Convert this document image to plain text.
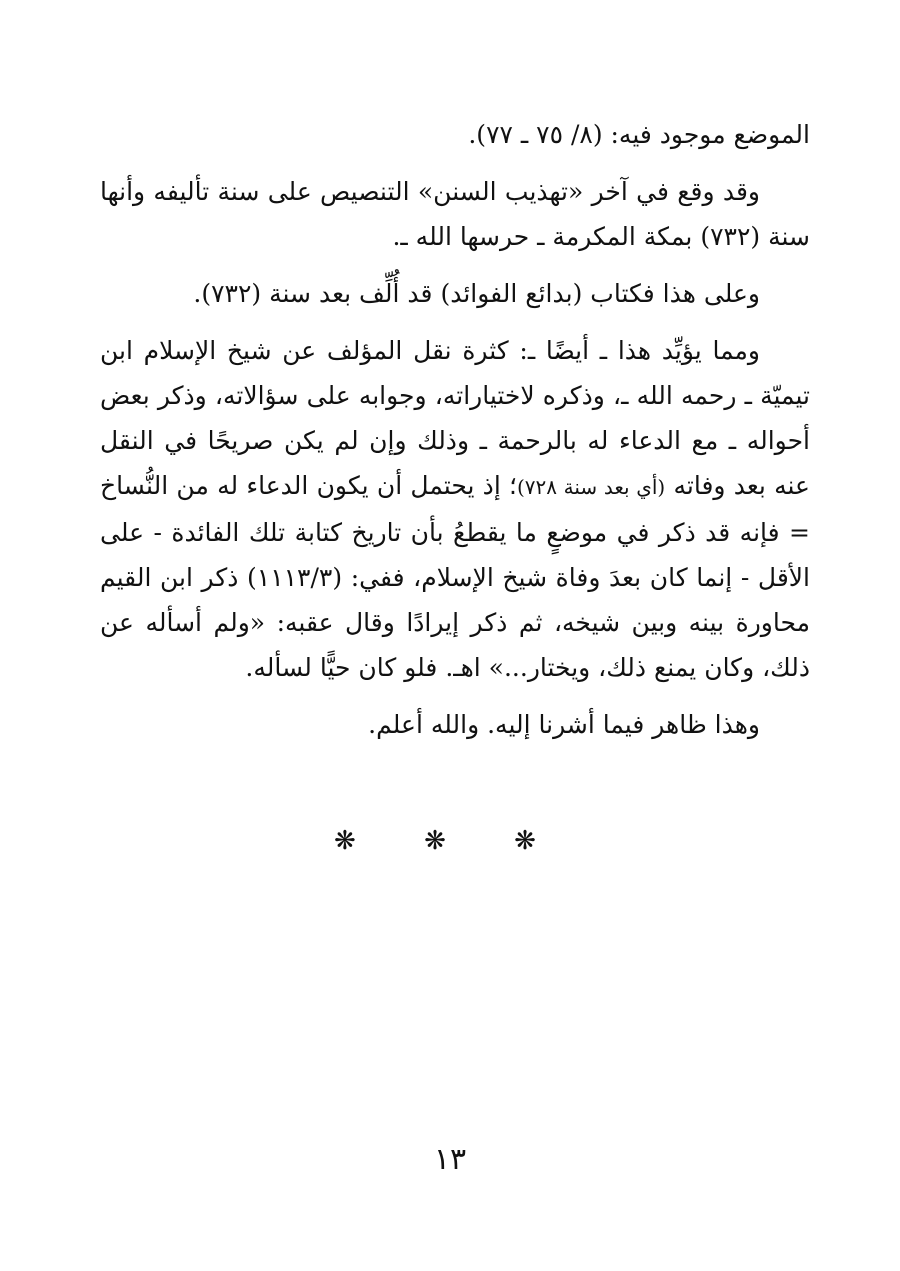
الموضع موجود فيه: (٨/ ٧٥ ـ ٧٧).

وقد وقع في آخر «تهذيب السنن» التنصيص على سنة تأليفه وأنها سنة (٧٣٢) بمكة المكرمة ـ حرسها الله ـ.

وعلى هذا فكتاب (بدائع الفوائد) قد أُلِّف بعد سنة (٧٣٢).

ومما يؤيِّد هذا ـ أيضًا ـ: كثرة نقل المؤلف عن شيخ الإسلام ابن تيميّة ـ رحمه الله ـ، وذكره لاختياراته، وجوابه على سؤالاته، وذكر بعض أحواله ـ مع الدعاء له بالرحمة ـ وذلك وإن لم يكن صريحًا في النقل عنه بعد وفاته (أي بعد سنة ٧٢٨)؛ إذ يحتمل أن يكون الدعاء له من النُّساخ = فإنه قد ذكر في موضعٍ ما يقطعُ بأن تاريخ كتابة تلك الفائدة - على الأقل - إنما كان بعدَ وفاة شيخ الإسلام، ففي: (١١١٣/٣) ذكر ابن القيم محاورة بينه وبين شيخه، ثم ذكر إيرادًا وقال عقبه: «ولم أسأله عن ذلك، وكان يمنع ذلك، ويختار...» اهـ. فلو كان حيًّا لسأله.

وهذا ظاهر فيما أشرنا إليه. والله أعلم.

❋ ❋ ❋
١٣
